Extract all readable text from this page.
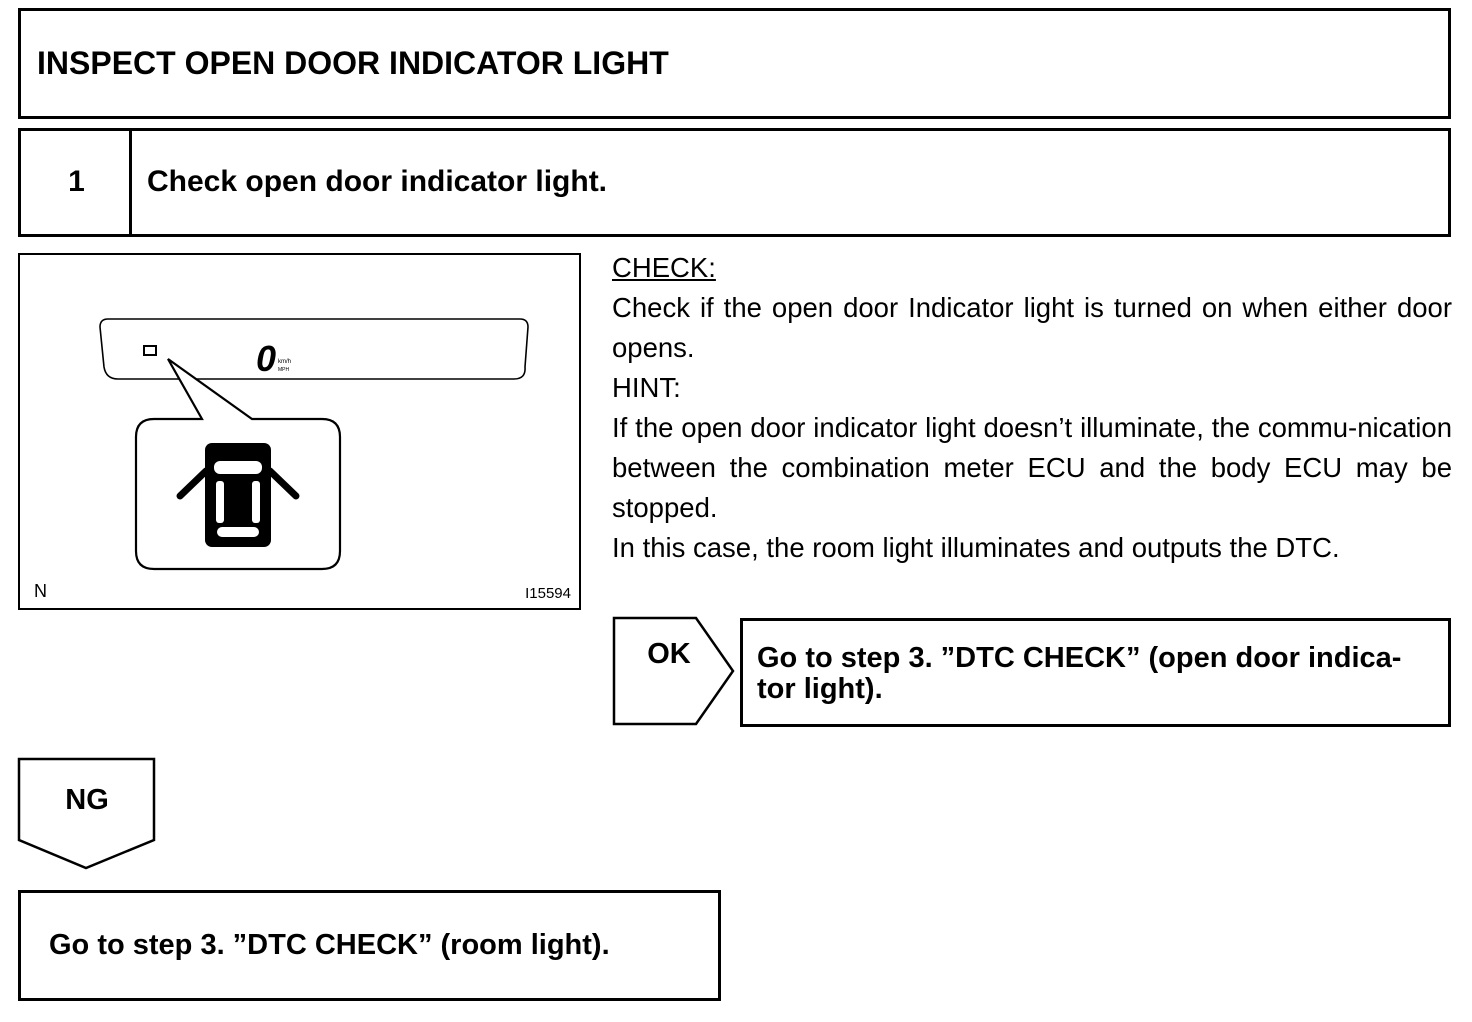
INSPECT OPEN DOOR INDICATOR LIGHT
1	Check open door indicator light.
0 km/h
MPH
N	I15594

CHECK:

Check if the open door Indicator light is turned on when either door opens.

HINT:

If the open door indicator light doesn’t illuminate, the commu-nication between the combination meter ECU and the body ECU may be stopped.

In this case, the room light illuminates and outputs the DTC.

OK	Go to step 3. ”DTC CHECK” (open door indica-
tor light).
NG
Go to step 3. ”DTC CHECK” (room light).
